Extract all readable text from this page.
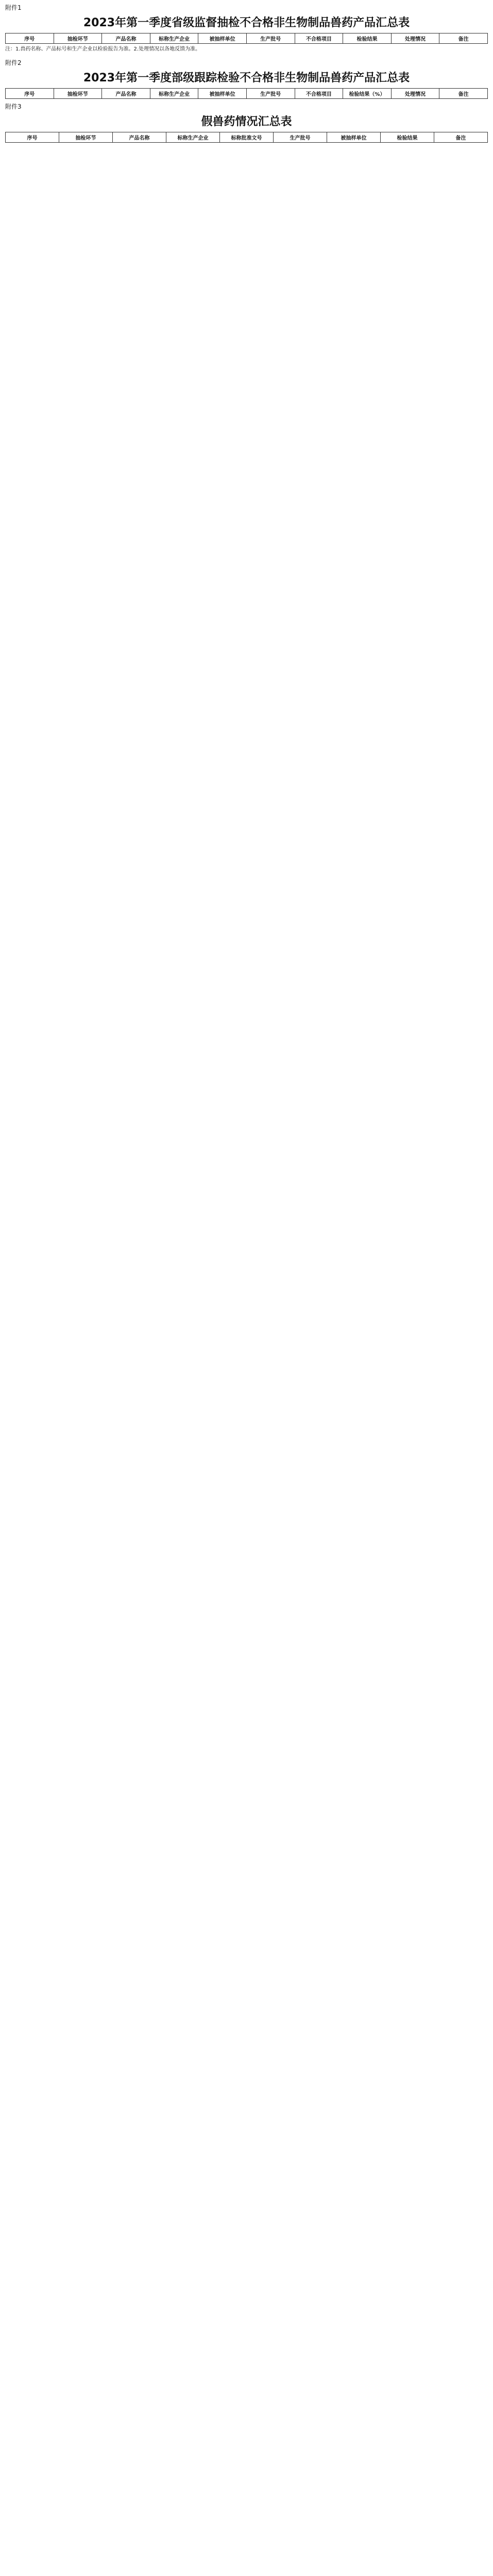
附件1
2023年第一季度省级监督抽检不合格非生物制品兽药产品汇总表
序号	抽检环节	产品名称	标称生产企业	被抽样单位	生产批号	不合格项目	检验结果	处理情况	备注
注：1.兽药名称、产品标号和生产企业以检验报告为准。2.处理情况以各地反馈为准。
附件2
2023年第一季度部级跟踪检验不合格非生物制品兽药产品汇总表
序号	抽检环节	产品名称	标称生产企业	被抽样单位	生产批号	不合格项目	检验结果（%）	处理情况	备注
附件3
假兽药情况汇总表
序号	抽检环节	产品名称	标称生产企业	标称批准文号	生产批号	被抽样单位	检验结果	备注
